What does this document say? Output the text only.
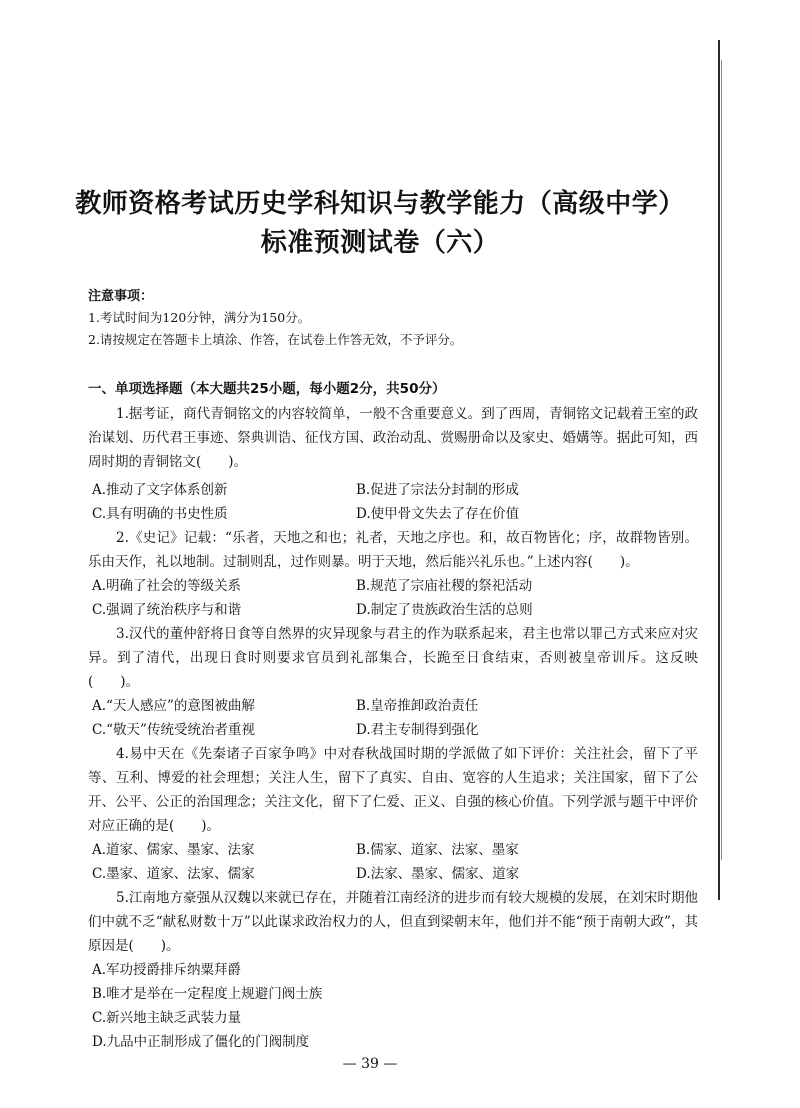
教师资格考试历史学科知识与教学能力（高级中学）
标准预测试卷（六）
注意事项：
1.考试时间为120分钟，满分为150分。
2.请按规定在答题卡上填涂、作答，在试卷上作答无效，不予评分。
一、单项选择题（本大题共25小题，每小题2分，共50分）
1.据考证，商代青铜铭文的内容较简单，一般不含重要意义。到了西周，青铜铭文记载着王室的政治谋划、历代君王事迹、祭典训诰、征伐方国、政治动乱、赏赐册命以及家史、婚媾等。据此可知，西周时期的青铜铭文(　　)。
A.推动了文字体系创新	B.促进了宗法分封制的形成
C.具有明确的书史性质	D.使甲骨文失去了存在价值
2.《史记》记载：“乐者，天地之和也；礼者，天地之序也。和，故百物皆化；序，故群物皆别。乐由天作，礼以地制。过制则乱，过作则暴。明于天地，然后能兴礼乐也。”上述内容(　　)。
A.明确了社会的等级关系	B.规范了宗庙社稷的祭祀活动
C.强调了统治秩序与和谐	D.制定了贵族政治生活的总则
3.汉代的董仲舒将日食等自然界的灾异现象与君主的作为联系起来，君主也常以罪己方式来应对灾异。到了清代，出现日食时则要求官员到礼部集合，长跪至日食结束，否则被皇帝训斥。这反映(　　)。
A.“天人感应”的意图被曲解	B.皇帝推卸政治责任
C.“敬天”传统受统治者重视	D.君主专制得到强化
4.易中天在《先秦诸子百家争鸣》中对春秋战国时期的学派做了如下评价：关注社会，留下了平等、互利、博爱的社会理想；关注人生，留下了真实、自由、宽容的人生追求；关注国家，留下了公开、公平、公正的治国理念；关注文化，留下了仁爱、正义、自强的核心价值。下列学派与题干中评价对应正确的是(　　)。
A.道家、儒家、墨家、法家	B.儒家、道家、法家、墨家
C.墨家、道家、法家、儒家	D.法家、墨家、儒家、道家
5.江南地方豪强从汉魏以来就已存在，并随着江南经济的进步而有较大规模的发展，在刘宋时期他们中就不乏“献私财数十万”以此谋求政治权力的人，但直到梁朝末年，他们并不能“预于南朝大政”，其原因是(　　)。
A.军功授爵排斥纳粟拜爵
B.唯才是举在一定程度上规避门阀士族
C.新兴地主缺乏武装力量
D.九品中正制形成了僵化的门阀制度
— 39 —
